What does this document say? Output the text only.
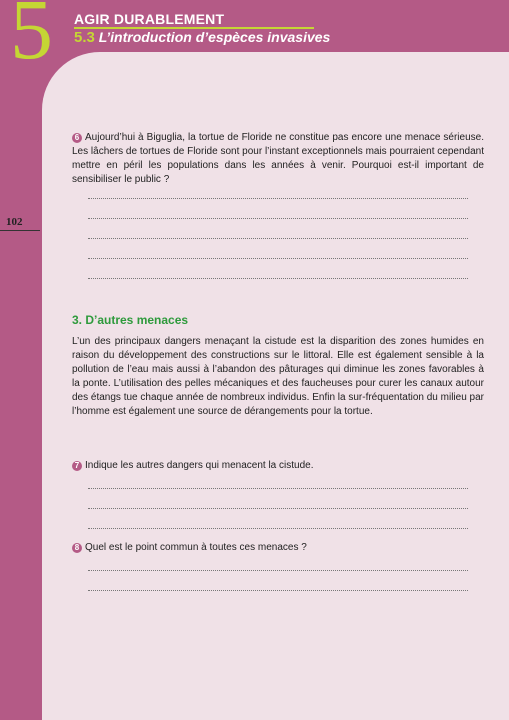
5 AGIR DURABLEMENT
5.3 L’introduction d’espèces invasives
102
6 Aujourd’hui à Biguglia, la tortue de Floride ne constitue pas encore une menace sérieuse. Les lâchers de tortues de Floride sont pour l’instant exceptionnels mais pourraient cependant mettre en péril les populations dans les années à venir. Pourquoi est-il important de sensibiliser le public ?
3. D’autres menaces
L’un des principaux dangers menaçant la cistude est la disparition des zones humides en raison du développement des constructions sur le littoral. Elle est également sensible à la pollution de l’eau mais aussi à l’abandon des pâturages qui diminue les zones favorables à la ponte. L’utilisation des pelles mécaniques et des faucheuses pour curer les canaux autour des étangs tue chaque année de nombreux individus. Enfin la sur-fréquentation du milieu par l’homme est également une source de dérangements pour la tortue.
7 Indique les autres dangers qui menacent la cistude.
8 Quel est le point commun à toutes ces menaces ?
